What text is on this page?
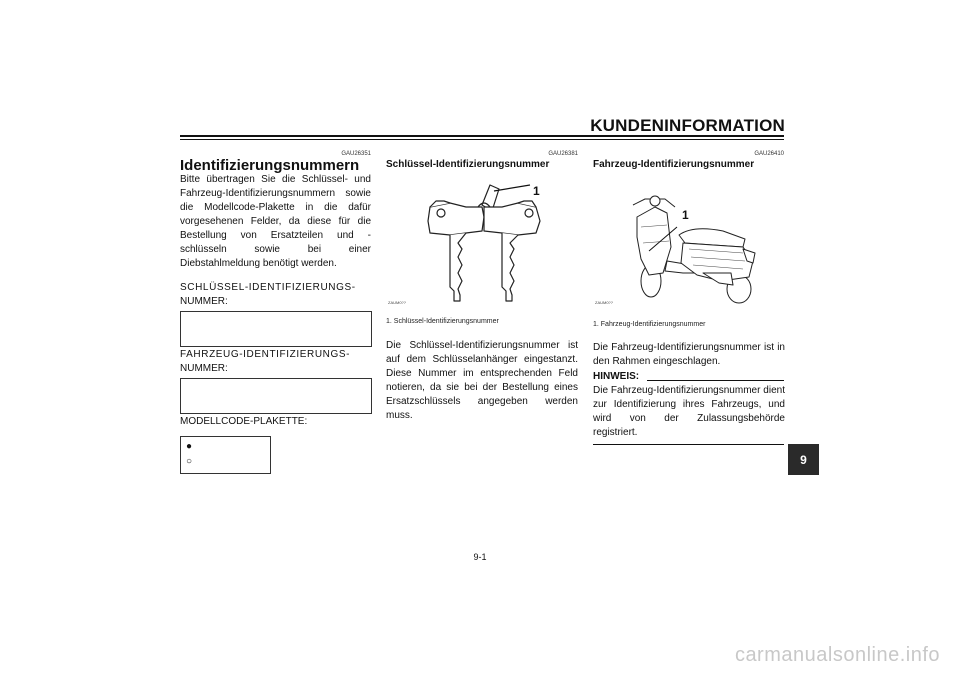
KUNDENINFORMATION
GAU26351
Identifizierungsnummern
Bitte übertragen Sie die Schlüssel- und Fahrzeug-Identifizierungsnummern sowie die Modellcode-Plakette in die dafür vorgesehenen Felder, da diese für die Bestellung von Ersatzteilen und -schlüsseln sowie bei einer Diebstahlmeldung benötigt werden.
SCHLÜSSEL-IDENTIFIZIERUNGS-
NUMMER:
FAHRZEUG-IDENTIFIZIERUNGS-
NUMMER:
MODELLCODE-PLAKETTE:
●
○
GAU26381
Schlüssel-Identifizierungsnummer
1
ZAUM0??
1. Schlüssel-Identifizierungsnummer
Die Schlüssel-Identifizierungsnummer ist auf dem Schlüsselanhänger eingestanzt. Diese Nummer im entsprechenden Feld notieren, da sie bei der Bestellung eines Ersatzschlüssels angegeben werden muss.
GAU26410
Fahrzeug-Identifizierungsnummer
1
ZAUM0??
1. Fahrzeug-Identifizierungsnummer
Die Fahrzeug-Identifizierungsnummer ist in den Rahmen eingeschlagen.
HINWEIS:
Die Fahrzeug-Identifizierungsnummer dient zur Identifizierung ihres Fahrzeugs, und wird von der Zulassungsbehörde registriert.
9
9-1
carmanualsonline.info
